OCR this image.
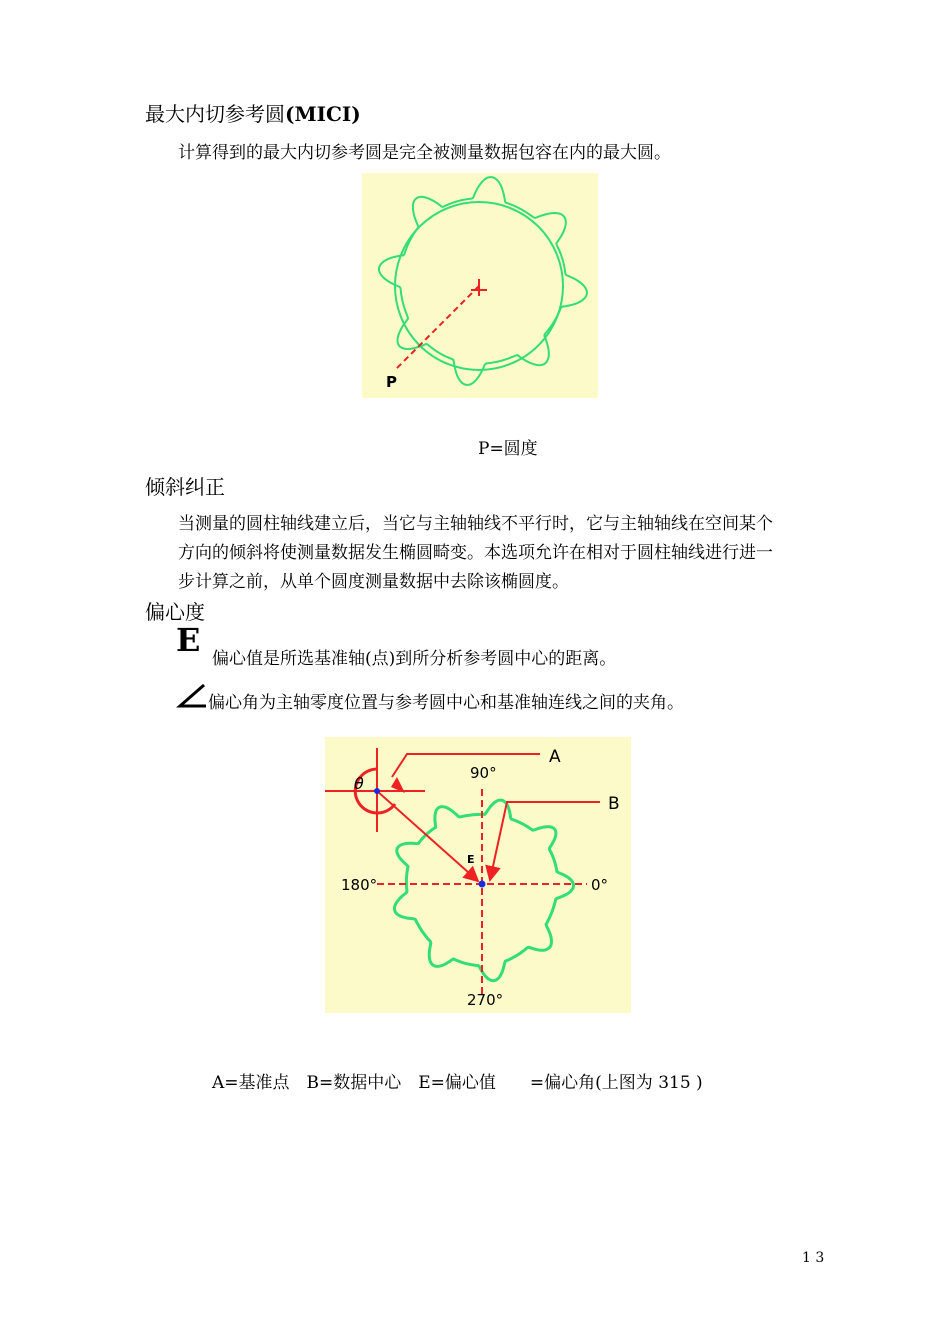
最大内切参考圆(MICI)
计算得到的最大内切参考圆是完全被测量数据包容在内的最大圆。
P
P=圆度
倾斜纠正
当测量的圆柱轴线建立后，当它与主轴轴线不平行时，它与主轴轴线在空间某个
方向的倾斜将使测量数据发生椭圆畸变。本选项允许在相对于圆柱轴线进行进一
步计算之前，从单个圆度测量数据中去除该椭圆度。
偏心度
E 偏心值是所选基准轴(点)到所分析参考圆中心的距离。
偏心角为主轴零度位置与参考圆中心和基准轴连线之间的夹角。
A
B
E
θ
90°
180°	0°
270°
A=基准点　B=数据中心　E=偏心值　　=偏心角(上图为 315 )
1 3
